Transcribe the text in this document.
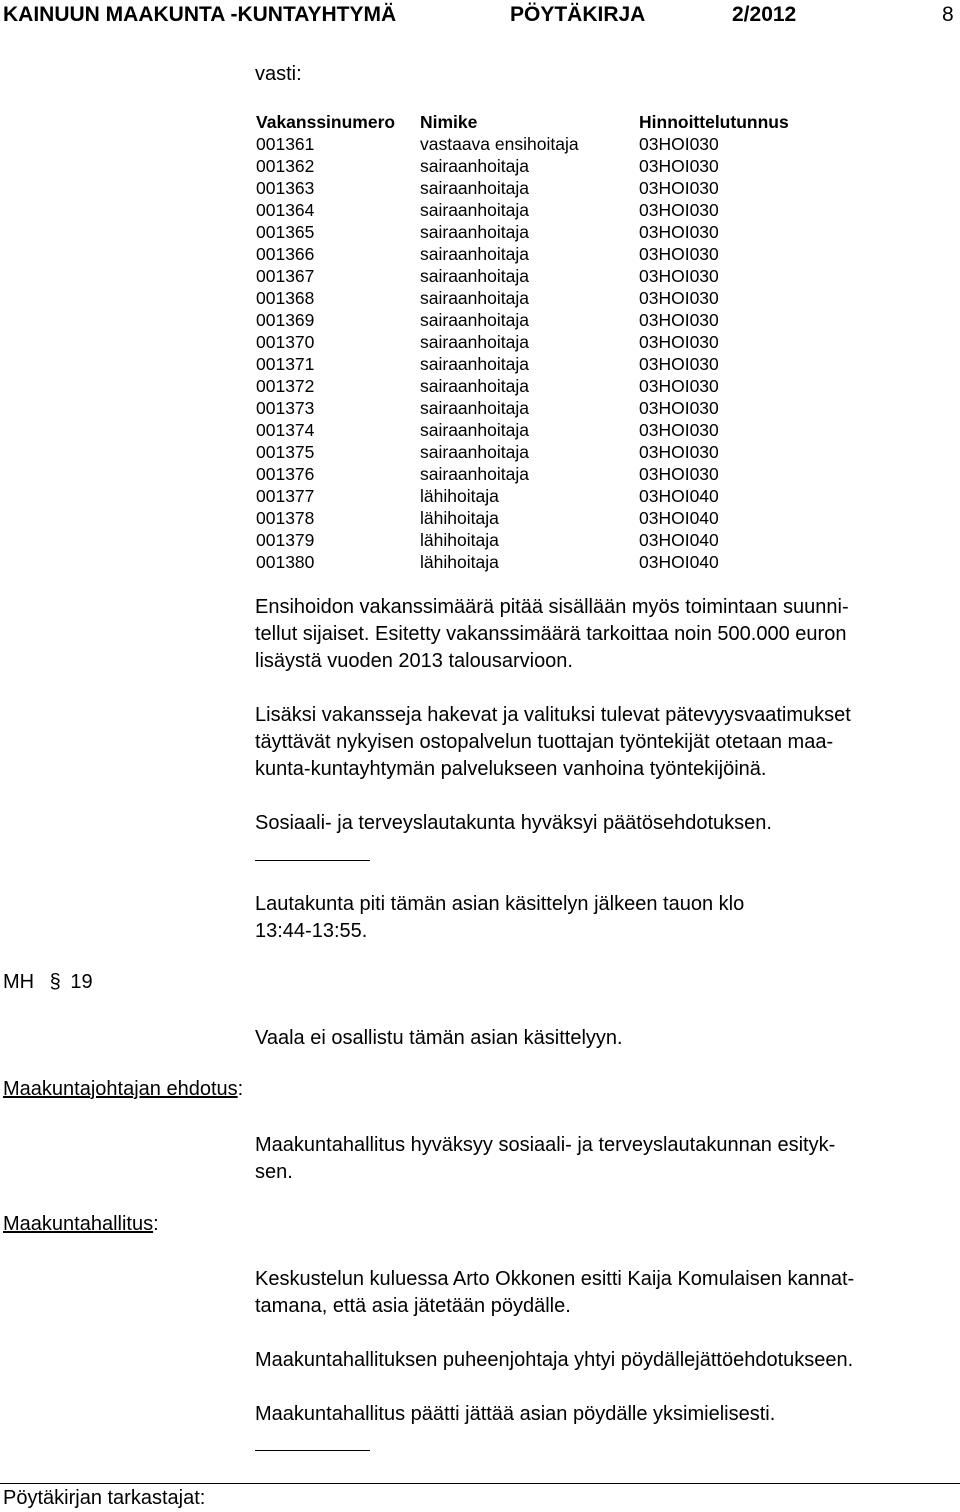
KAINUUN MAAKUNTA -KUNTAYHTYMÄ	PÖYTÄKIRJA	2/2012	8
vasti:
Vakanssinumero Nimike	Hinnoittelutunnus
001361	vastaava ensihoitaja	03HOI030
001362	sairaanhoitaja	03HOI030
001363	sairaanhoitaja	03HOI030
001364	sairaanhoitaja	03HOI030
001365	sairaanhoitaja	03HOI030
001366	sairaanhoitaja	03HOI030
001367	sairaanhoitaja	03HOI030
001368	sairaanhoitaja	03HOI030
001369	sairaanhoitaja	03HOI030
001370	sairaanhoitaja	03HOI030
001371	sairaanhoitaja	03HOI030
001372	sairaanhoitaja	03HOI030
001373	sairaanhoitaja	03HOI030
001374	sairaanhoitaja	03HOI030
001375	sairaanhoitaja	03HOI030
001376	sairaanhoitaja	03HOI030
001377	lähihoitaja	03HOI040
001378	lähihoitaja	03HOI040
001379	lähihoitaja	03HOI040
001380	lähihoitaja	03HOI040
Ensihoidon vakanssimäärä pitää sisällään myös toimintaan suunni-
tellut sijaiset. Esitetty vakanssimäärä tarkoittaa noin 500.000 euron
lisäystä vuoden 2013 talousarvioon.
Lisäksi vakansseja hakevat ja valituksi tulevat pätevyysvaatimukset
täyttävät nykyisen ostopalvelun tuottajan työntekijät otetaan maa-
kunta-kuntayhtymän palvelukseen vanhoina työntekijöinä.
Sosiaali- ja terveyslautakunta hyväksyi päätösehdotuksen.
Lautakunta piti tämän asian käsittelyn jälkeen tauon klo
13:44-13:55.
MH § 19
Vaala ei osallistu tämän asian käsittelyyn.
Maakuntajohtajan ehdotus:
Maakuntahallitus hyväksyy sosiaali- ja terveyslautakunnan esityk-
sen.
Maakuntahallitus:
Keskustelun kuluessa Arto Okkonen esitti Kaija Komulaisen kannat-
tamana, että asia jätetään pöydälle.
Maakuntahallituksen puheenjohtaja yhtyi pöydällejättöehdotukseen.
Maakuntahallitus päätti jättää asian pöydälle yksimielisesti.
Pöytäkirjan tarkastajat:
